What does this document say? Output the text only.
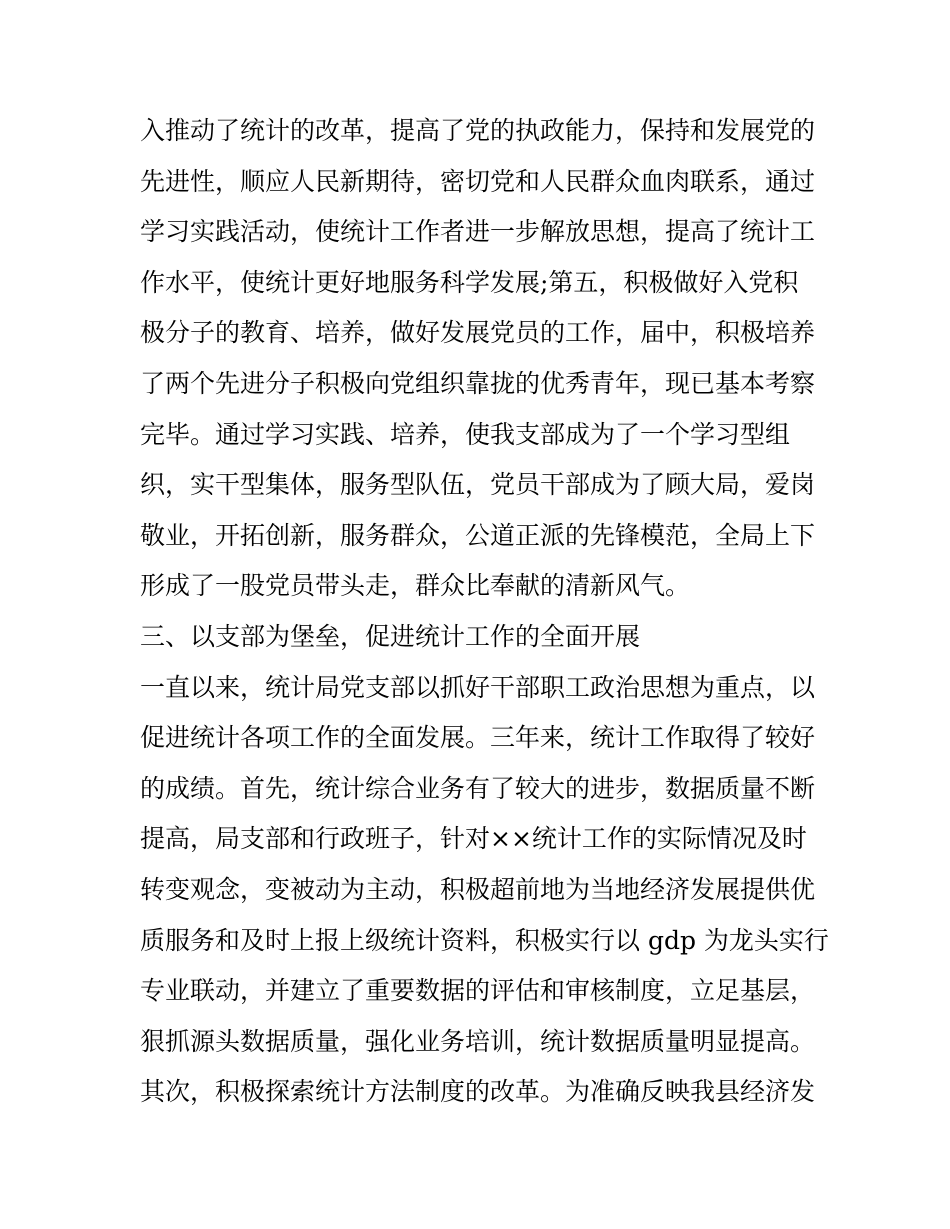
入推动了统计的改革，提高了党的执政能力，保持和发展党的
先进性，顺应人民新期待，密切党和人民群众血肉联系，通过
学习实践活动，使统计工作者进一步解放思想，提高了统计工
作水平，使统计更好地服务科学发展;第五，积极做好入党积
极分子的教育、培养，做好发展党员的工作，届中，积极培养
了两个先进分子积极向党组织靠拢的优秀青年，现已基本考察
完毕。通过学习实践、培养，使我支部成为了一个学习型组
织，实干型集体，服务型队伍，党员干部成为了顾大局，爱岗
敬业，开拓创新，服务群众，公道正派的先锋模范，全局上下
形成了一股党员带头走，群众比奉献的清新风气。
三、以支部为堡垒，促进统计工作的全面开展
一直以来，统计局党支部以抓好干部职工政治思想为重点，以
促进统计各项工作的全面发展。三年来，统计工作取得了较好
的成绩。首先，统计综合业务有了较大的进步，数据质量不断
提高，局支部和行政班子，针对××统计工作的实际情况及时
转变观念，变被动为主动，积极超前地为当地经济发展提供优
质服务和及时上报上级统计资料，积极实行以 gdp 为龙头实行
专业联动，并建立了重要数据的评估和审核制度，立足基层，
狠抓源头数据质量，强化业务培训，统计数据质量明显提高。
其次，积极探索统计方法制度的改革。为准确反映我县经济发
